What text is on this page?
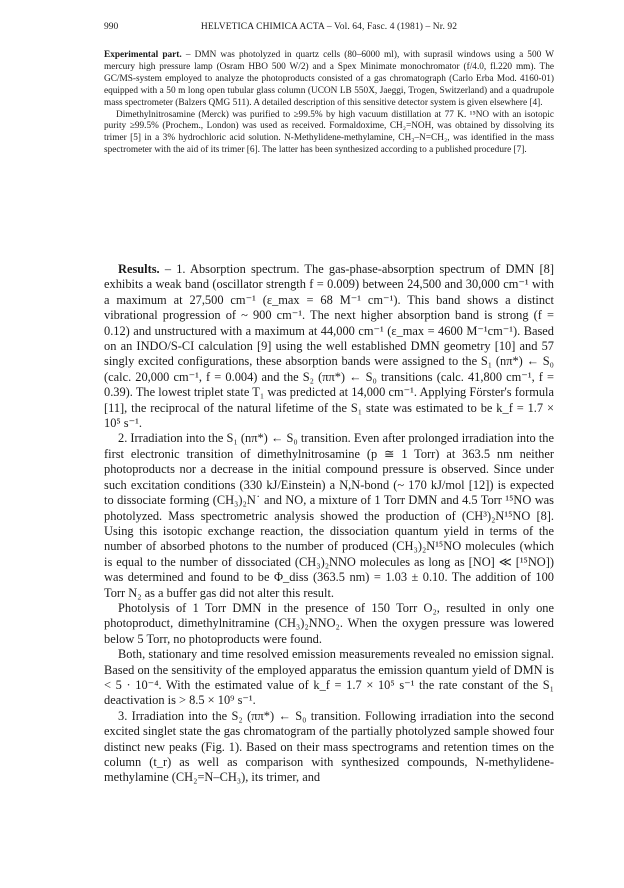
990	HELVETICA CHIMICA ACTA – Vol. 64, Fasc. 4 (1981) – Nr. 92

Experimental part. – DMN was photolyzed in quartz cells (80–6000 ml), with suprasil windows using a 500 W mercury high pressure lamp (Osram HBO 500 W/2) and a Spex Minimate monochromator (f/4.0, fl.220 mm). The GC/MS-system employed to analyze the photoproducts consisted of a gas chromatograph (Carlo Erba Mod. 4160-01) equipped with a 50 m long open tubular glass column (UCON LB 550X, Jaeggi, Trogen, Switzerland) and a quadrupole mass spectrometer (Balzers QMG 511). A detailed description of this sensitive detector system is given elsewhere [4].

Dimethylnitrosamine (Merck) was purified to ≥99.5% by high vacuum distillation at 77 K. ¹⁵NO with an isotopic purity ≥99.5% (Prochem., London) was used as received. Formaldoxime, CH₂=NOH, was obtained by dissolving its trimer [5] in a 3% hydrochloric acid solution. N-Methylidene-methylamine, CH₃–N=CH₂, was identified in the mass spectrometer with the aid of its trimer [6]. The latter has been synthesized according to a published procedure [7].

Results. – 1. Absorption spectrum. The gas-phase-absorption spectrum of DMN [8] exhibits a weak band (oscillator strength f = 0.009) between 24,500 and 30,000 cm⁻¹ with a maximum at 27,500 cm⁻¹ (ε_max = 68 M⁻¹ cm⁻¹). This band shows a distinct vibrational progression of ~ 900 cm⁻¹. The next higher absorption band is strong (f = 0.12) and unstructured with a maximum at 44,000 cm⁻¹ (ε_max = 4600 M⁻¹cm⁻¹). Based on an INDO/S-CI calculation [9] using the well established DMN geometry [10] and 57 singly excited configurations, these absorption bands were assigned to the S₁ (nπ*) ← S₀ (calc. 20,000 cm⁻¹, f = 0.004) and the S₂ (ππ*) ← S₀ transitions (calc. 41,800 cm⁻¹, f = 0.39). The lowest triplet state T₁ was predicted at 14,000 cm⁻¹. Applying Förster's formula [11], the reciprocal of the natural lifetime of the S₁ state was estimated to be k_f = 1.7 × 10⁵ s⁻¹.

2. Irradiation into the S₁ (nπ*) ← S₀ transition. Even after prolonged irradiation into the first electronic transition of dimethylnitrosamine (p ≅ 1 Torr) at 363.5 nm neither photoproducts nor a decrease in the initial compound pressure is observed. Since under such excitation conditions (330 kJ/Einstein) a N,N-bond (~ 170 kJ/mol [12]) is expected to dissociate forming (CH₃)₂N˙ and NO, a mixture of 1 Torr DMN and 4.5 Torr ¹⁵NO was photolyzed. Mass spectrometric analysis showed the production of (CH³)₂N¹⁵NO [8]. Using this isotopic exchange reaction, the dissociation quantum yield in terms of the number of absorbed photons to the number of produced (CH₃)₂N¹⁵NO molecules (which is equal to the number of dissociated (CH₃)₂NNO molecules as long as [NO] ≪ [¹⁵NO]) was determined and found to be Φ_diss (363.5 nm) = 1.03 ± 0.10. The addition of 100 Torr N₂ as a buffer gas did not alter this result.

Photolysis of 1 Torr DMN in the presence of 150 Torr O₂, resulted in only one photoproduct, dimethylnitramine (CH₃)₂NNO₂. When the oxygen pressure was lowered below 5 Torr, no photoproducts were found.

Both, stationary and time resolved emission measurements revealed no emission signal. Based on the sensitivity of the employed apparatus the emission quantum yield of DMN is < 5 · 10⁻⁴. With the estimated value of k_f = 1.7 × 10⁵ s⁻¹ the rate constant of the S₁ deactivation is > 8.5 × 10⁹ s⁻¹.

3. Irradiation into the S₂ (ππ*) ← S₀ transition. Following irradiation into the second excited singlet state the gas chromatogram of the partially photolyzed sample showed four distinct new peaks (Fig. 1). Based on their mass spectrograms and retention times on the column (t_r) as well as comparison with synthesized compounds, N-methylidene-methylamine (CH₂=N–CH₃), its trimer, and
